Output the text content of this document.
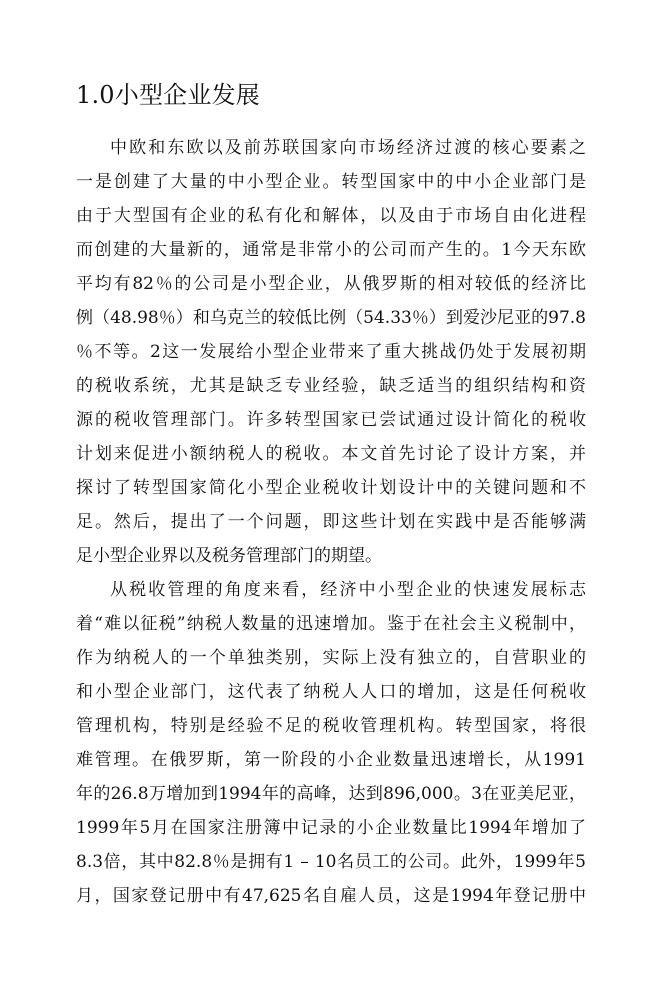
1.0小型企业发展
中欧和东欧以及前苏联国家向市场经济过渡的核心要素之
一是创建了大量的中小型企业。转型国家中的中小企业部门是
由于大型国有企业的私有化和解体，以及由于市场自由化进程
而创建的大量新的，通常是非常小的公司而产生的。1今天东欧
平均有82％的公司是小型企业，从俄罗斯的相对较低的经济比
例（48.98％）和乌克兰的较低比例（54.33％）到爱沙尼亚的97.8
％不等。2这一发展给小型企业带来了重大挑战仍处于发展初期
的税收系统，尤其是缺乏专业经验，缺乏适当的组织结构和资
源的税收管理部门。许多转型国家已尝试通过设计简化的税收
计划来促进小额纳税人的税收。本文首先讨论了设计方案，并
探讨了转型国家简化小型企业税收计划设计中的关键问题和不
足。然后，提出了一个问题，即这些计划在实践中是否能够满
足小型企业界以及税务管理部门的期望。
从税收管理的角度来看，经济中小型企业的快速发展标志
着“难以征税”纳税人数量的迅速增加。鉴于在社会主义税制中，
作为纳税人的一个单独类别，实际上没有独立的，自营职业的
和小型企业部门，这代表了纳税人人口的增加，这是任何税收
管理机构，特别是经验不足的税收管理机构。转型国家，将很
难管理。在俄罗斯，第一阶段的小企业数量迅速增长，从1991
年的26.8万增加到1994年的高峰，达到896,000。3在亚美尼亚，
1999年5月在国家注册簿中记录的小企业数量比1994年增加了
8.3倍，其中82.8％是拥有1 – 10名员工的公司。此外，1999年5
月，国家登记册中有47,625名自雇人员，这是1994年登记册中
